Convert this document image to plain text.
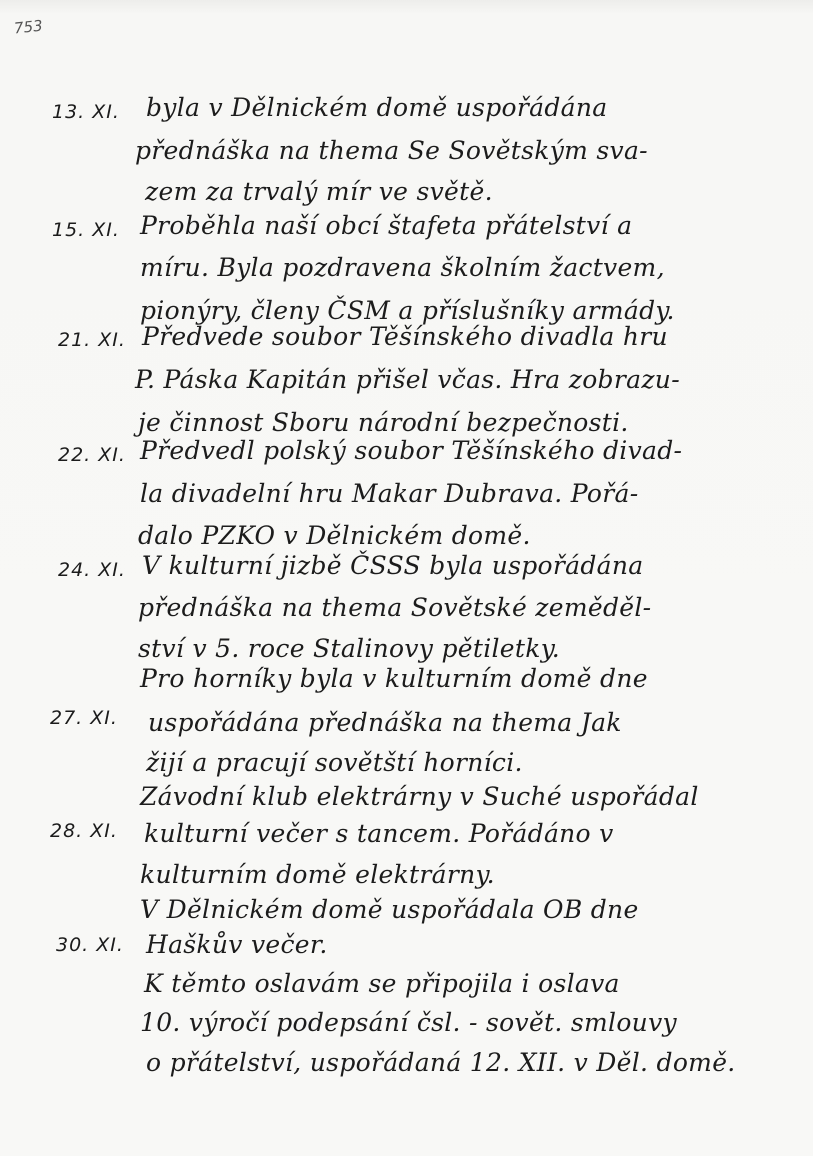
753
13. XI. byla v Dělnickém domě uspořádána
přednáška na thema Se Sovětským sva-
zem za trvalý mír ve světě.
15. XI. Proběhla naší obcí štafeta přátelství a
míru. Byla pozdravena školním žactvem,
pionýry, členy ČSM a příslušníky armády.
21. XI. Předvede soubor Těšínského divadla hru
P. Páska Kapitán přišel včas. Hra zobrazu-
je činnost Sboru národní bezpečnosti.
22. XI. Předvedl polský soubor Těšínského divad-
la divadelní hru Makar Dubrava. Pořá-
dalo PZKO v Dělnickém domě.
24. XI. V kulturní jizbě ČSSS byla uspořádána
přednáška na thema Sovětské zeměděl-
ství v 5. roce Stalinovy pětiletky.
27. XI.
Pro horníky byla v kulturním domě dne
uspořádána přednáška na thema Jak
žijí a pracují sovětští horníci.
28. XI.
Závodní klub elektrárny v Suché uspořádal
kulturní večer s tancem. Pořádáno v
kulturním domě elektrárny.
30. XI.
V Dělnickém domě uspořádala OB dne
Haškův večer.
K těmto oslavám se připojila i oslava
10. výročí podepsání čsl. - sovět. smlouvy
o přátelství, uspořádaná 12. XII. v Děl. domě.
